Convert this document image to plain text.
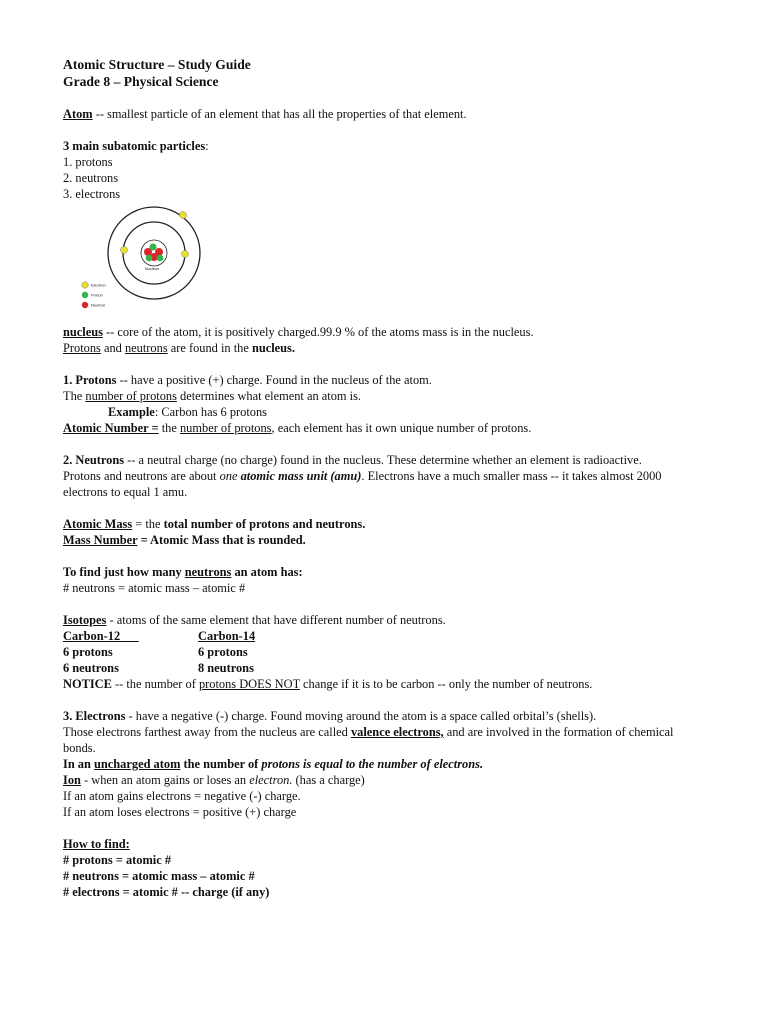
Atomic Structure – Study Guide
Grade 8 – Physical Science
Atom -- smallest particle of an element that has all the properties of that element.
3 main subatomic particles:
1. protons
2. neutrons
3. electrons
Nucleus
Electron
Proton
Neutron
nucleus -- core of the atom, it is positively charged.99.9 % of the atoms mass is in the nucleus.
Protons and neutrons are found in the nucleus.
1. Protons -- have a positive (+) charge. Found in the nucleus of the atom.
The number of protons determines what element an atom is.
Example: Carbon has 6 protons
Atomic Number = the number of protons, each element has it own unique number of protons.
2. Neutrons -- a neutral charge (no charge) found in the nucleus. These determine whether an element is radioactive.
Protons and neutrons are about one atomic mass unit (amu). Electrons have a much smaller mass -- it takes almost 2000 electrons to equal 1 amu.
Atomic Mass = the total number of protons and neutrons.
Mass Number = Atomic Mass that is rounded.
To find just how many neutrons an atom has:
# neutrons = atomic mass – atomic #
Isotopes - atoms of the same element that have different number of neutrons.
Carbon-12	Carbon-14
6 protons	6 protons
6 neutrons	8 neutrons
NOTICE -- the number of protons DOES NOT change if it is to be carbon -- only the number of neutrons.
3. Electrons - have a negative (-) charge. Found moving around the atom is a space called orbital’s (shells).
Those electrons farthest away from the nucleus are called valence electrons, and are involved in the formation of chemical bonds.
In an uncharged atom the number of protons is equal to the number of electrons.
Ion - when an atom gains or loses an electron. (has a charge)
If an atom gains electrons = negative (-) charge.
If an atom loses electrons = positive (+) charge
How to find:
# protons = atomic #
# neutrons = atomic mass – atomic #
# electrons = atomic # -- charge (if any)
